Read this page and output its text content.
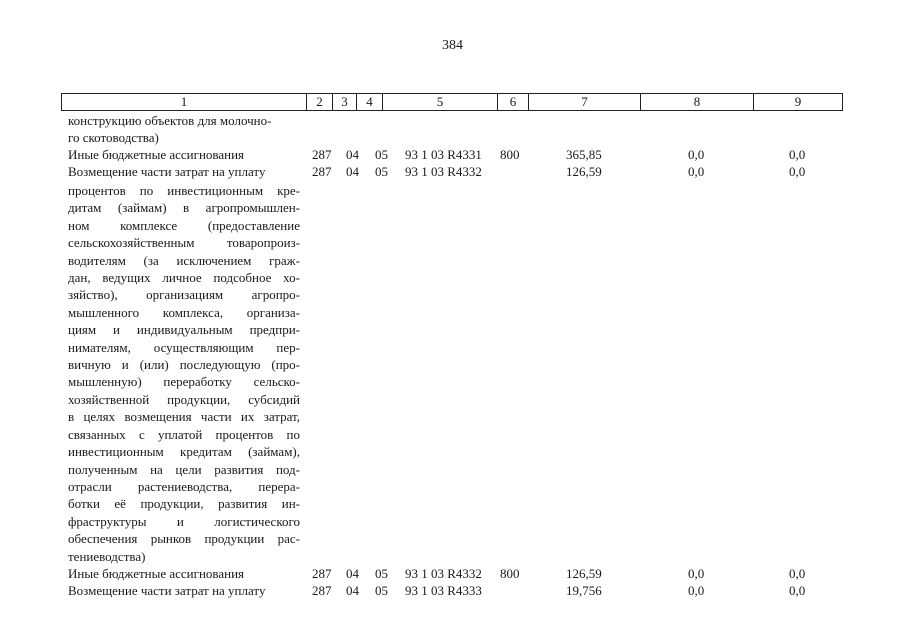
384
1	2	3	4	5	6	7	8	9
конструкцию объектов для молочно-
го скотоводства)
Иные бюджетные ассигнования	287 04 05 93 1 03 R4331 800	365,85	0,0	0,0
Возмещение части затрат на уплату	287 04 05 93 1 03 R4332	126,59	0,0	0,0
процентов по инвестиционным кре-
дитам (займам) в агропромышлен-
ном комплексе (предоставление
сельскохозяйственным товаропроиз-
водителям (за исключением граж-
дан, ведущих личное подсобное хо-
зяйство), организациям агропро-
мышленного комплекса, организа-
циям и индивидуальным предпри-
нимателям, осуществляющим пер-
вичную и (или) последующую (про-
мышленную) переработку сельско-
хозяйственной продукции, субсидий
в целях возмещения части их затрат,
связанных с уплатой процентов по
инвестиционным кредитам (займам),
полученным на цели развития под-
отрасли растениеводства, перера-
ботки её продукции, развития ин-
фраструктуры и логистического
обеспечения рынков продукции рас-
тениеводства)
Иные бюджетные ассигнования	287 04 05 93 1 03 R4332 800	126,59	0,0	0,0
Возмещение части затрат на уплату	287 04 05 93 1 03 R4333	19,756	0,0	0,0
